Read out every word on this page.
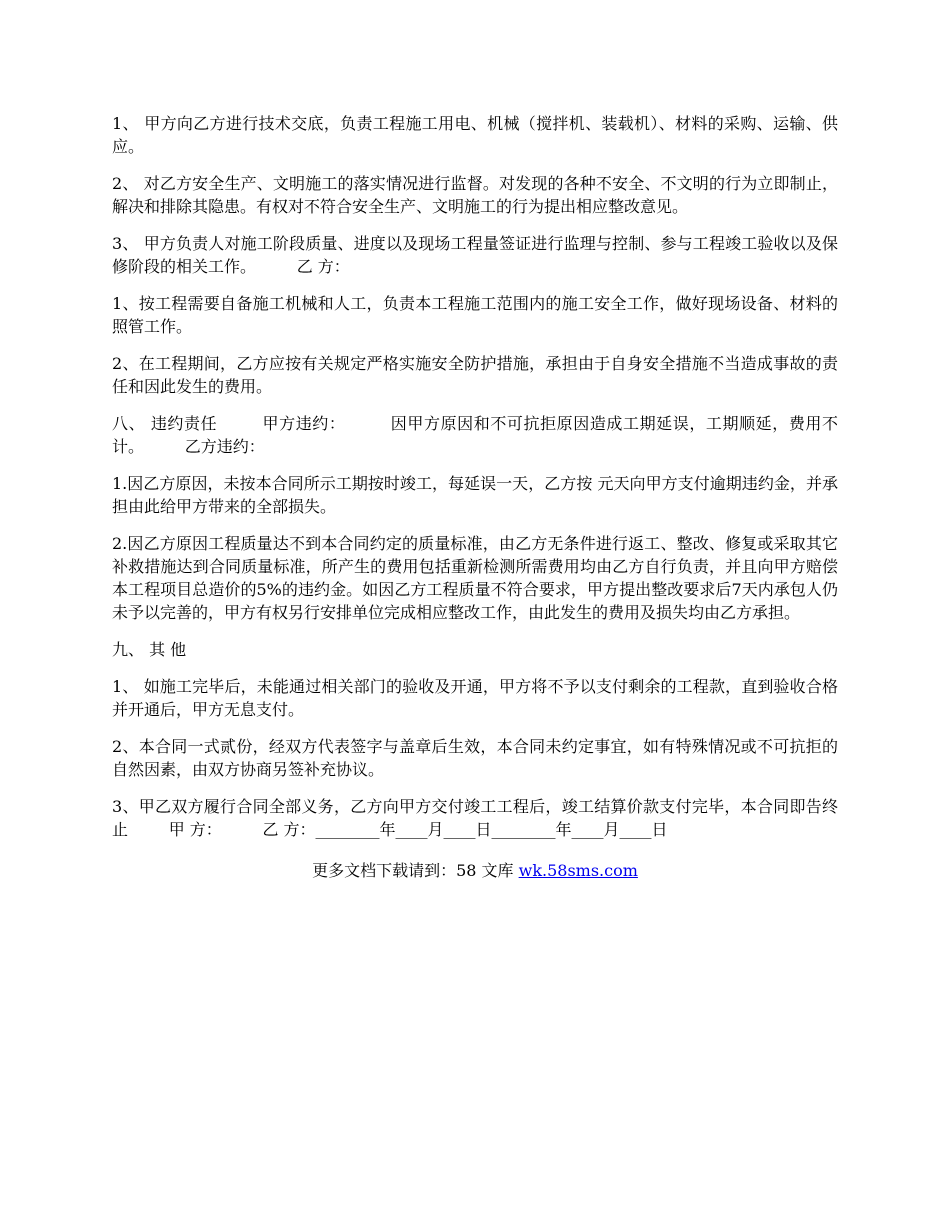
1、 甲方向乙方进行技术交底，负责工程施工用电、机械（搅拌机、装载机）、材料的采购、运输、供应。

2、 对乙方安全生产、文明施工的落实情况进行监督。对发现的各种不安全、不文明的行为立即制止，解决和排除其隐患。有权对不符合安全生产、文明施工的行为提出相应整改意见。

3、 甲方负责人对施工阶段质量、进度以及现场工程量签证进行监理与控制、参与工程竣工验收以及保修阶段的相关工作。        乙 方：

1、按工程需要自备施工机械和人工，负责本工程施工范围内的施工安全工作，做好现场设备、材料的照管工作。

2、在工程期间，乙方应按有关规定严格实施安全防护措施，承担由于自身安全措施不当造成事故的责任和因此发生的费用。

八、 违约责任        甲方违约：        因甲方原因和不可抗拒原因造成工期延误，工期顺延，费用不计。        乙方违约：

1.因乙方原因，未按本合同所示工期按时竣工，每延误一天，乙方按 元天向甲方支付逾期违约金，并承担由此给甲方带来的全部损失。

2.因乙方原因工程质量达不到本合同约定的质量标准，由乙方无条件进行返工、整改、修复或采取其它补救措施达到合同质量标准，所产生的费用包括重新检测所需费用均由乙方自行负责，并且向甲方赔偿本工程项目总造价的5%的违约金。如因乙方工程质量不符合要求，甲方提出整改要求后7天内承包人仍未予以完善的，甲方有权另行安排单位完成相应整改工作，由此发生的费用及损失均由乙方承担。

九、 其 他

1、 如施工完毕后，未能通过相关部门的验收及开通，甲方将不予以支付剩余的工程款，直到验收合格并开通后，甲方无息支付。

2、本合同一式贰份，经双方代表签字与盖章后生效，本合同未约定事宜，如有特殊情况或不可抗拒的自然因素，由双方协商另签补充协议。

3、甲乙双方履行合同全部义务，乙方向甲方交付竣工工程后，竣工结算价款支付完毕，本合同即告终止        甲 方：        乙 方：________年____月____日________年____月____日

更多文档下载请到：58 文库 wk.58sms.com
